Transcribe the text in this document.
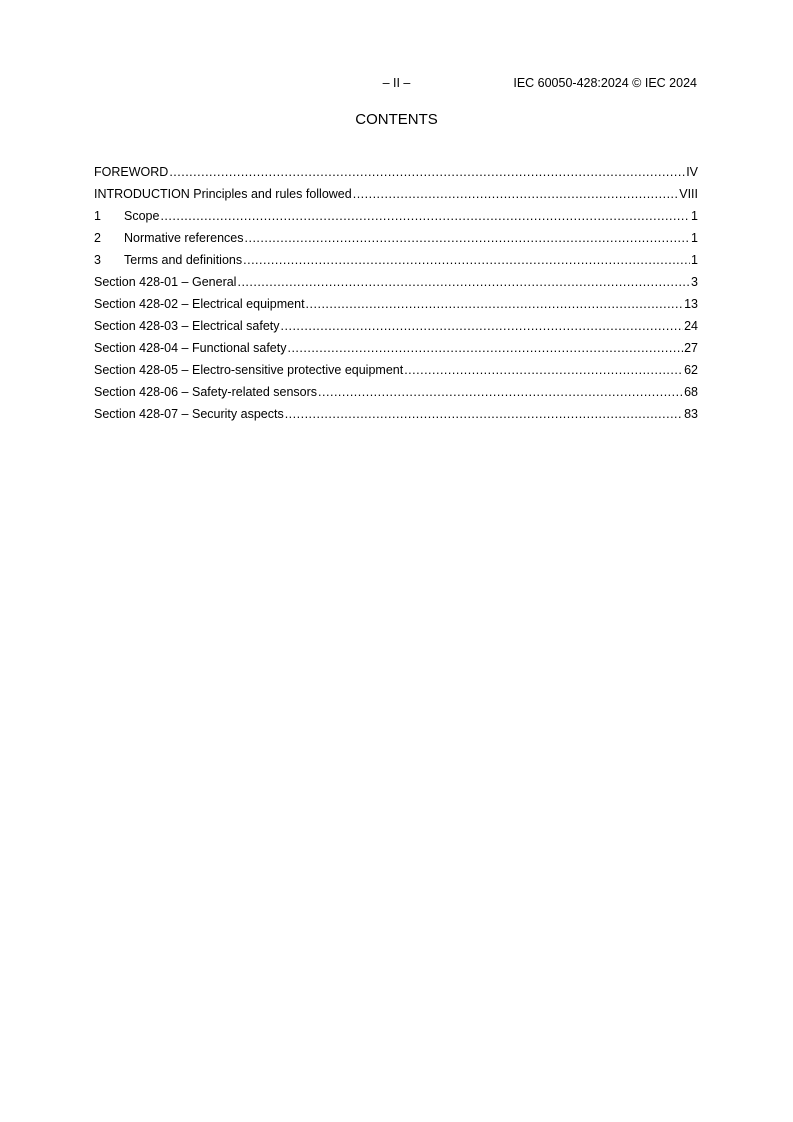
– II –	IEC 60050-428:2024 © IEC 2024
CONTENTS
FOREWORD .....	IV
INTRODUCTION Principles and rules followed .....	VIII
1	Scope .....	1
2	Normative references .....	1
3	Terms and definitions .....	1
Section 428-01 – General .....	3
Section 428-02 – Electrical equipment .....	13
Section 428-03 – Electrical safety .....	24
Section 428-04 – Functional safety .....	27
Section 428-05 – Electro-sensitive protective equipment .....	62
Section 428-06 – Safety-related sensors .....	68
Section 428-07 – Security aspects .....	83
